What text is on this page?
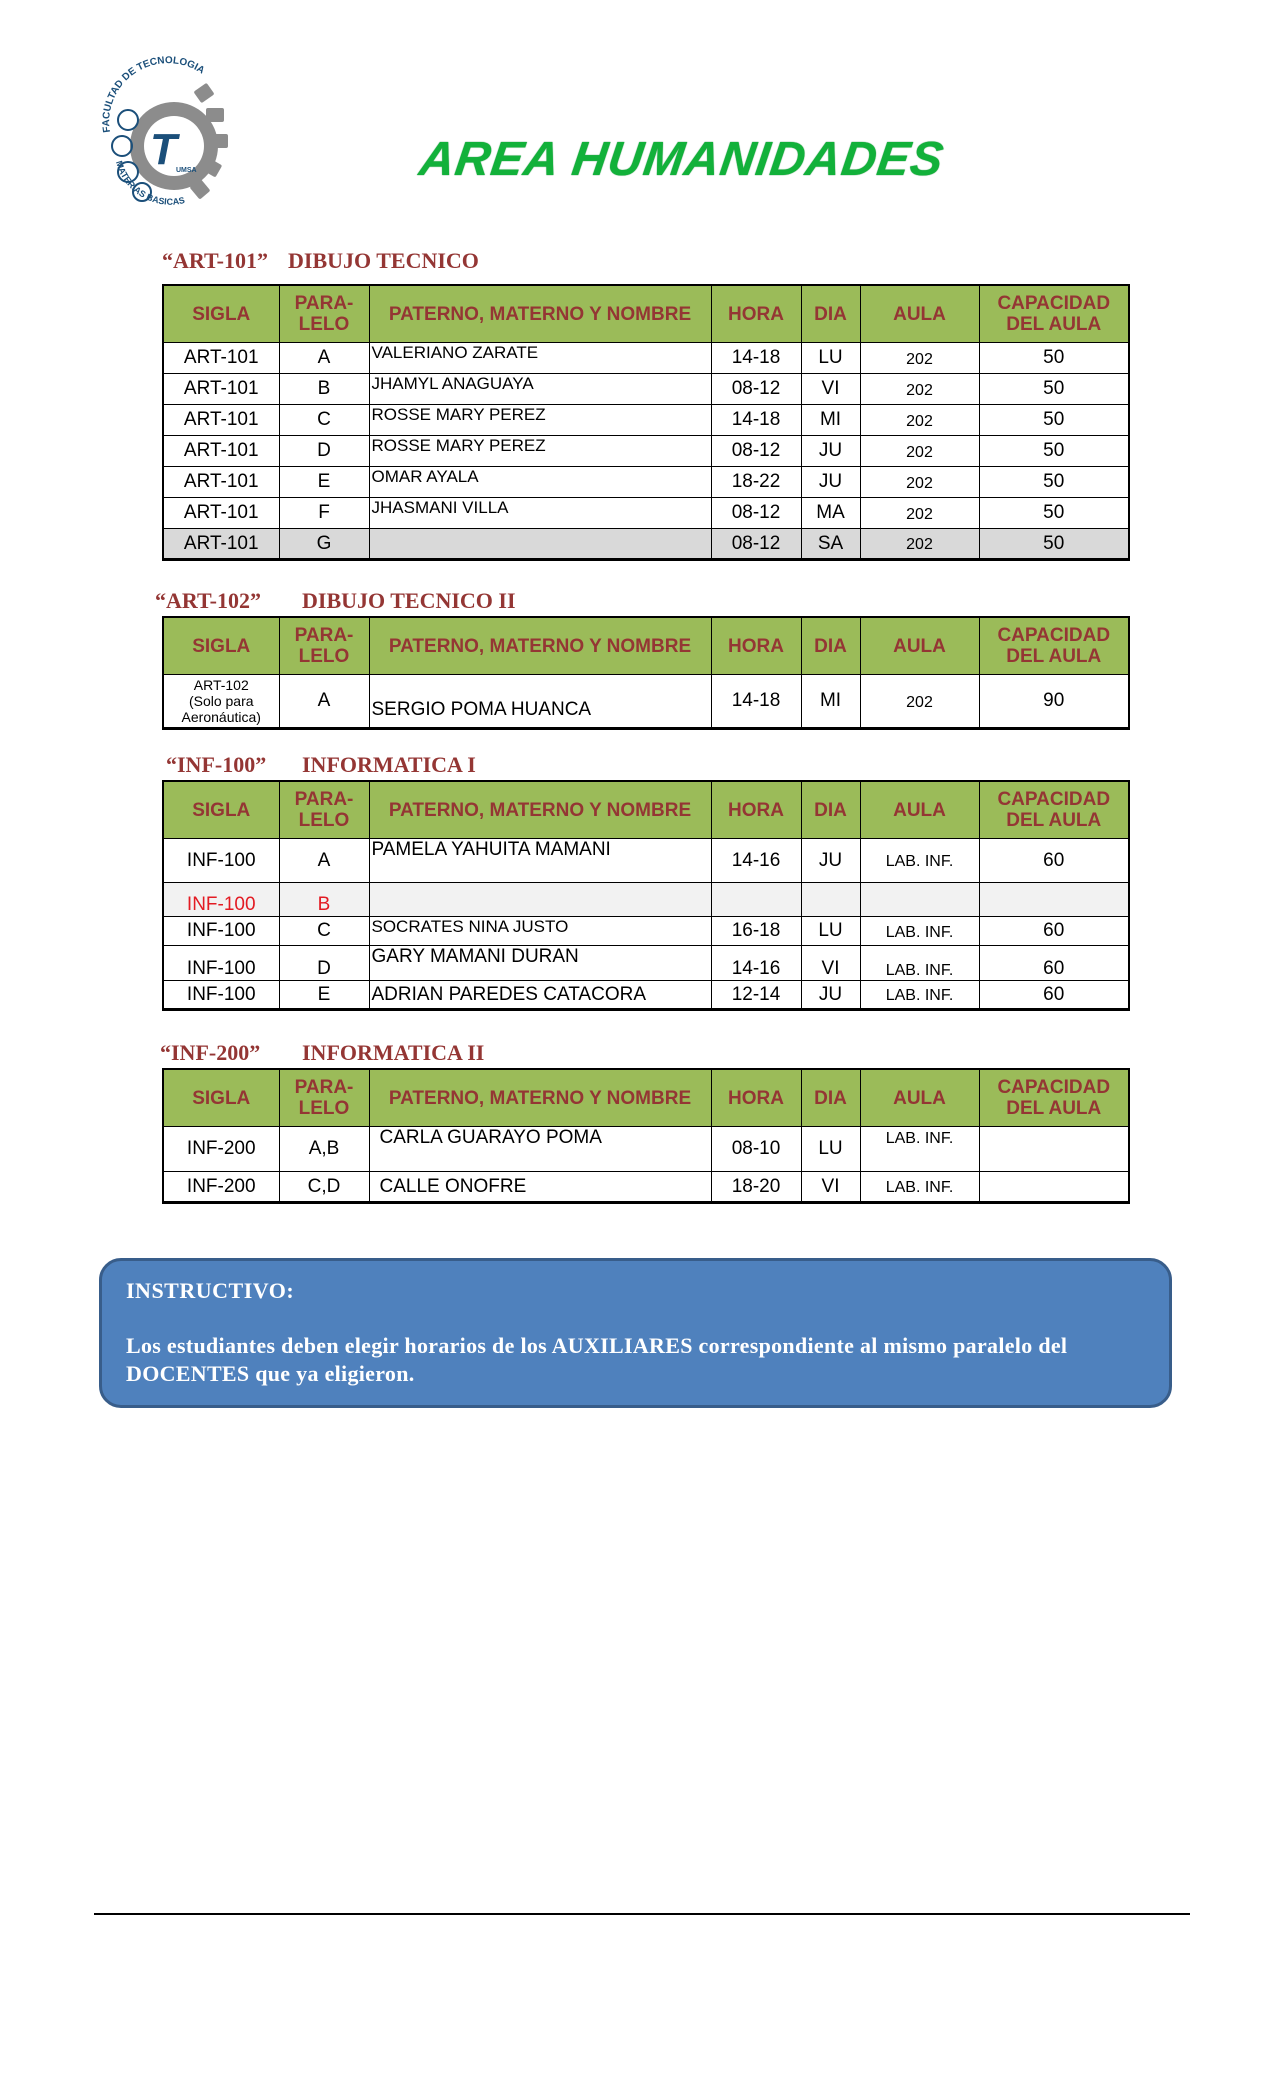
T UMSA
FACULTAD DE TECNOLOGIA
MATERIAS BASICAS
AREA HUMANIDADES
“ART-101” DIBUJO TECNICO
SIGLA	PARA-
LELO	PATERNO, MATERNO Y NOMBRE	HORA	DIA	AULA	CAPACIDAD
DEL AULA
ART-101	A	VALERIANO ZARATE	14-18	LU	202	50
ART-101	B	JHAMYL ANAGUAYA	08-12	VI	202	50
ART-101	C	ROSSE MARY PEREZ	14-18	MI	202	50
ART-101	D	ROSSE MARY PEREZ	08-12	JU	202	50
ART-101	E	OMAR AYALA	18-22	JU	202	50
ART-101	F	JHASMANI VILLA	08-12	MA	202	50
ART-101	G		08-12	SA	202	50
“ART-102” DIBUJO TECNICO II
SIGLA	PARA-
LELO	PATERNO, MATERNO Y NOMBRE	HORA	DIA	AULA	CAPACIDAD
DEL AULA
ART-102
(Solo para
Aeronáutica)	A	SERGIO POMA HUANCA	14-18	MI	202	90
“INF-100” INFORMATICA I
SIGLA	PARA-
LELO	PATERNO, MATERNO Y NOMBRE	HORA	DIA	AULA	CAPACIDAD
DEL AULA
INF-100	A	PAMELA YAHUITA MAMANI	14-16	JU	LAB. INF.	60
INF-100	B					
INF-100	C	SOCRATES NINA JUSTO	16-18	LU	LAB. INF.	60
INF-100	D	GARY MAMANI DURAN	14-16	VI	LAB. INF.	60
INF-100	E	ADRIAN PAREDES CATACORA	12-14	JU	LAB. INF.	60
“INF-200” INFORMATICA II
SIGLA	PARA-
LELO	PATERNO, MATERNO Y NOMBRE	HORA	DIA	AULA	CAPACIDAD
DEL AULA
INF-200	A,B	CARLA GUARAYO POMA	08-10	LU	LAB. INF.	
INF-200	C,D	CALLE ONOFRE	18-20	VI	LAB. INF.	

INSTRUCTIVO:

Los estudiantes deben elegir horarios de los AUXILIARES correspondiente al mismo paralelo del DOCENTES que ya eligieron.
